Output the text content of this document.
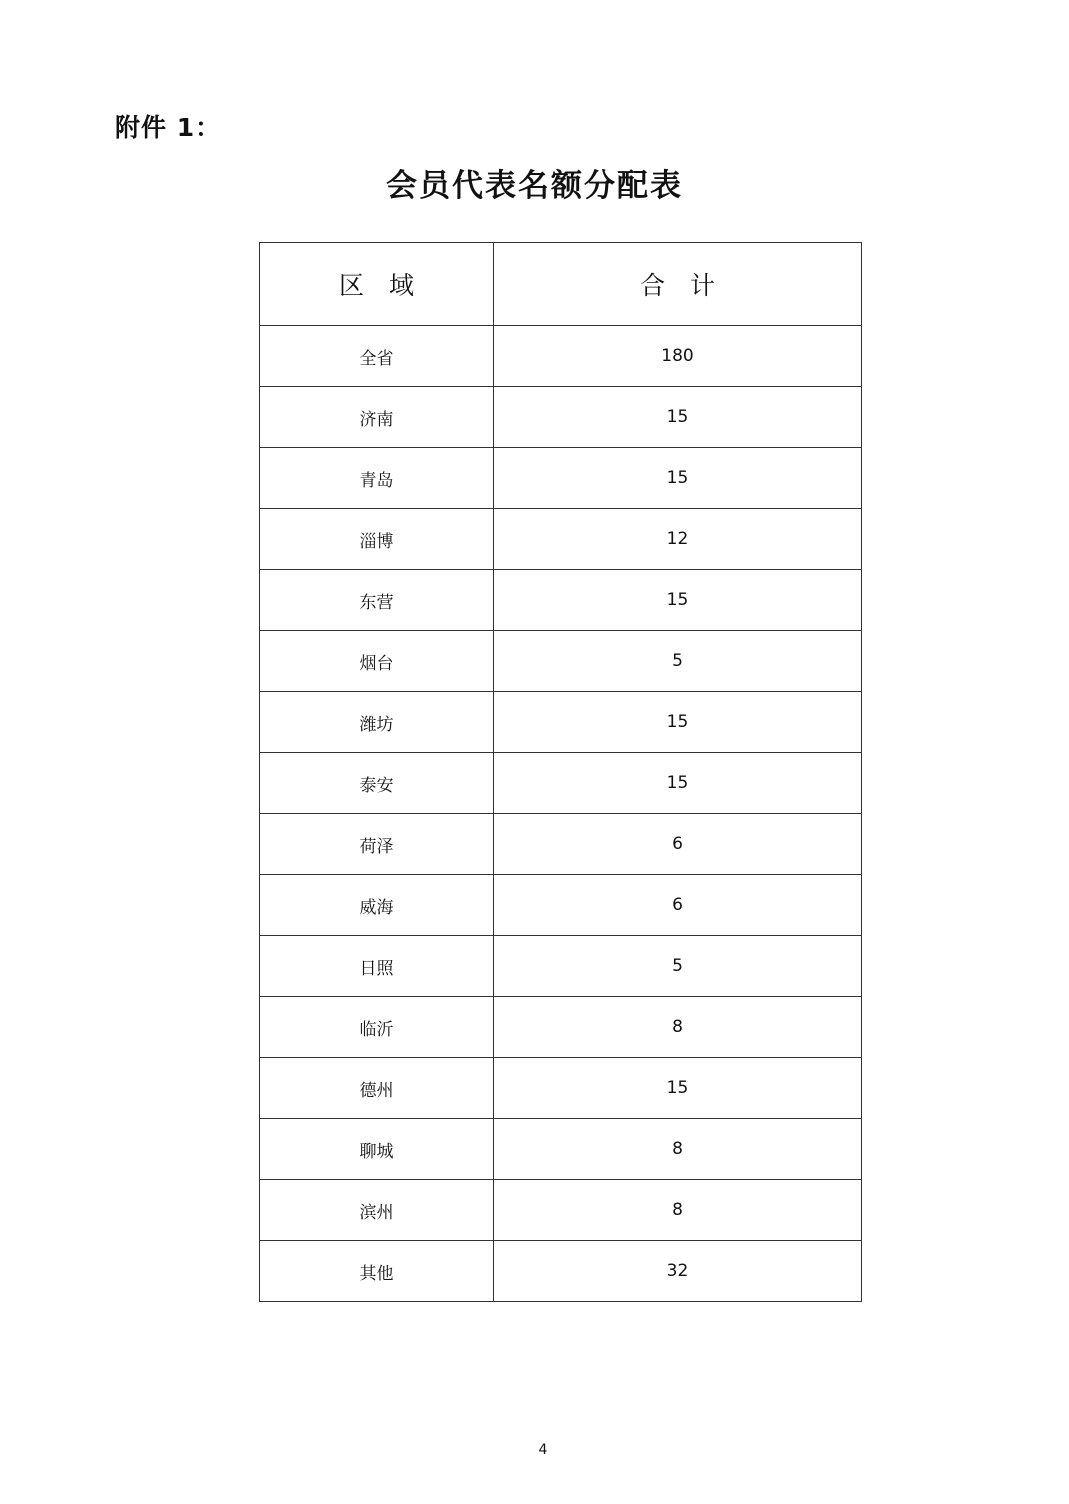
附件 1：
会员代表名额分配表
区　域	合　计
全省	180
济南	15
青岛	15
淄博	12
东营	15
烟台	5
潍坊	15
泰安	15
荷泽	6
威海	6
日照	5
临沂	8
德州	15
聊城	8
滨州	8
其他	32
4
